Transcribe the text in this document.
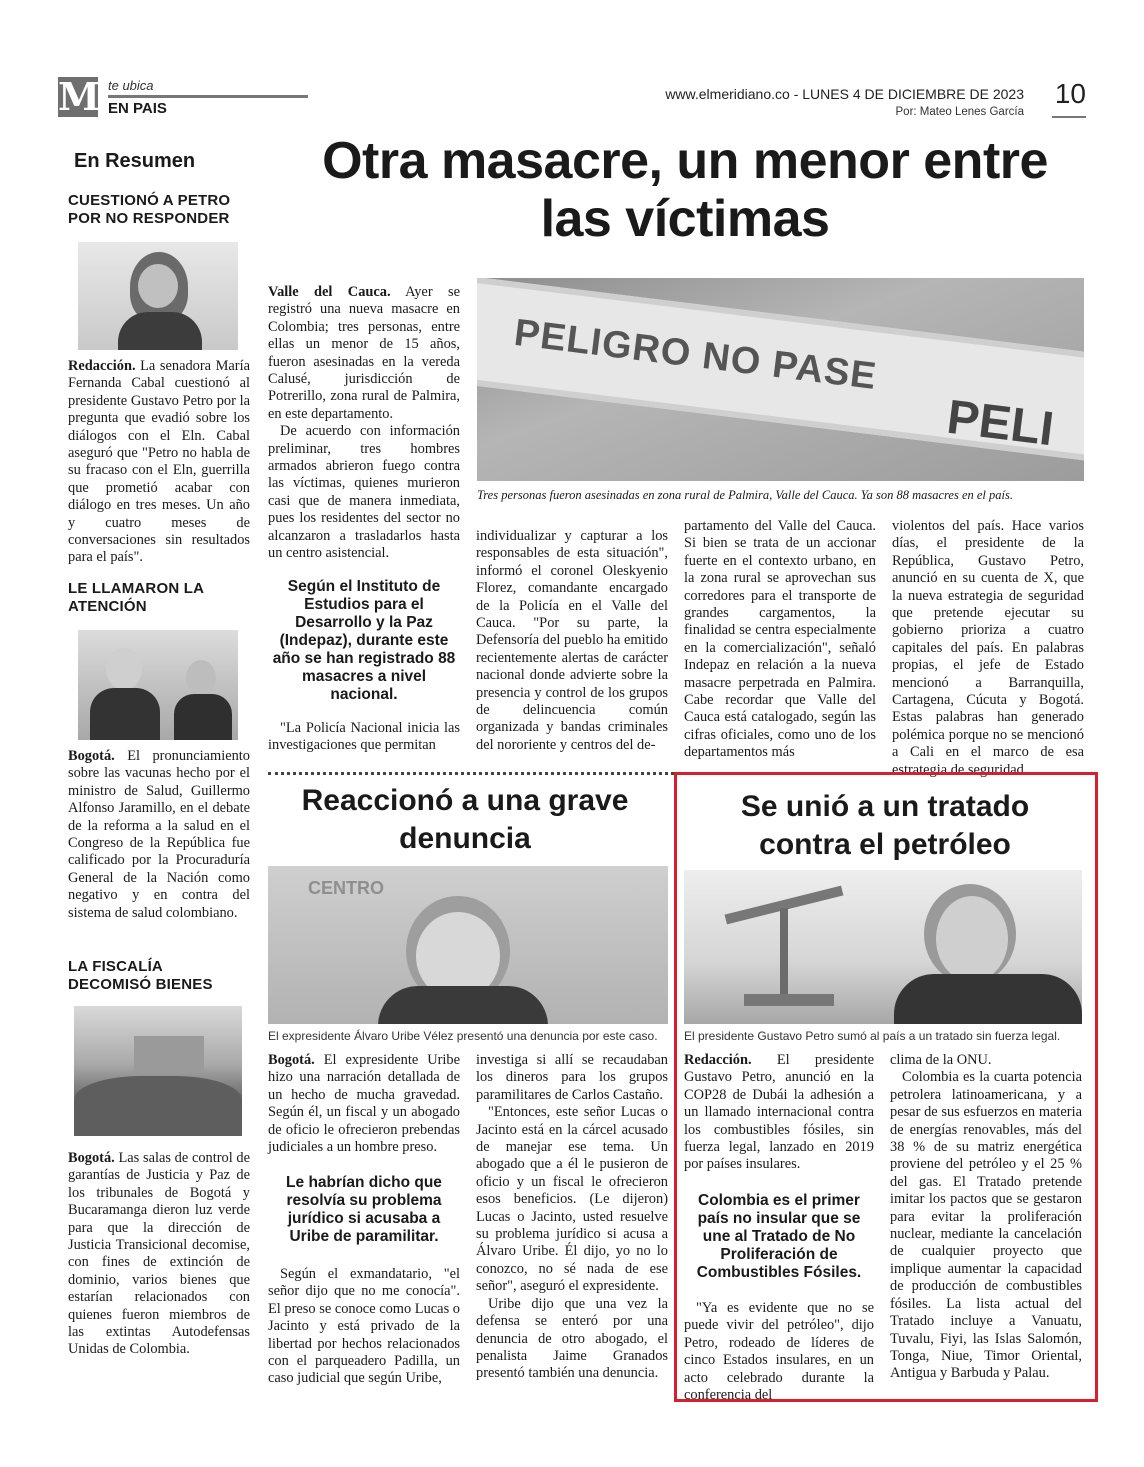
M te ubica
EN PAIS
www.elmeridiano.co - LUNES 4 DE DICIEMBRE DE 2023
Por: Mateo Lenes García
10
En Resumen
CUESTIONÓ A PETRO POR NO RESPONDER

Redacción. La senadora María Fernanda Cabal cuestionó al presidente Gustavo Petro por la pregunta que evadió sobre los diálogos con el Eln. Cabal aseguró que "Petro no habla de su fracaso con el Eln, guerrilla que prometió acabar con diálogo en tres meses. Un año y cuatro meses de conversaciones sin resultados para el país".

LE LLAMARON LA ATENCIÓN

Bogotá. El pronunciamiento sobre las vacunas hecho por el ministro de Salud, Guillermo Alfonso Jaramillo, en el debate de la reforma a la salud en el Congreso de la República fue calificado por la Procuraduría General de la Nación como negativo y en contra del sistema de salud colombiano.

LA FISCALÍA DECOMISÓ BIENES

Bogotá. Las salas de control de garantías de Justicia y Paz de los tribunales de Bogotá y Bucaramanga dieron luz verde para que la dirección de Justicia Transicional decomise, con fines de extinción de dominio, varios bienes que estarían relacionados con quienes fueron miembros de las extintas Autodefensas Unidas de Colombia.

Otra masacre, un menor entre las víctimas
PELIGRO NO PASE
PELI
Tres personas fueron asesinadas en zona rural de Palmira, Valle del Cauca. Ya son 88 masacres en el país.

Valle del Cauca. Ayer se registró una nueva masacre en Colombia; tres personas, entre ellas un menor de 15 años, fueron asesinadas en la vereda Calusé, jurisdicción de Potrerillo, zona rural de Palmira, en este departamento.

De acuerdo con información preliminar, tres hombres armados abrieron fuego contra las víctimas, quienes murieron casi que de manera inmediata, pues los residentes del sector no alcanzaron a trasladarlos hasta un centro asistencial.

Según el Instituto de Estudios para el Desarrollo y la Paz (Indepaz), durante este año se han registrado 88 masacres a nivel nacional.

"La Policía Nacional inicia las investigaciones que permitan

individualizar y capturar a los responsables de esta situación", informó el coronel Oleskyenio Florez, comandante encargado de la Policía en el Valle del Cauca. "Por su parte, la Defensoría del pueblo ha emitido recientemente alertas de carácter nacional donde advierte sobre la presencia y control de los grupos de delincuencia común organizada y bandas criminales del nororiente y centros del de-

partamento del Valle del Cauca. Si bien se trata de un accionar fuerte en el contexto urbano, en la zona rural se aprovechan sus corredores para el transporte de grandes cargamentos, la finalidad se centra especialmente en la comercialización", señaló Indepaz en relación a la nueva masacre perpetrada en Palmira. Cabe recordar que Valle del Cauca está catalogado, según las cifras oficiales, como uno de los departamentos más

violentos del país. Hace varios días, el presidente de la República, Gustavo Petro, anunció en su cuenta de X, que la nueva estrategia de seguridad que pretende ejecutar su gobierno prioriza a cuatro capitales del país. En palabras propias, el jefe de Estado mencionó a Barranquilla, Cartagena, Cúcuta y Bogotá. Estas palabras han generado polémica porque no se mencionó a Cali en el marco de esa estrategia de seguridad.

Reaccionó a una grave denuncia
CENTRO
El expresidente Álvaro Uribe Vélez presentó una denuncia por este caso.

Bogotá. El expresidente Uribe hizo una narración detallada de un hecho de mucha gravedad. Según él, un fiscal y un abogado de oficio le ofrecieron prebendas judiciales a un hombre preso.

Le habrían dicho que resolvía su problema jurídico si acusaba a Uribe de paramilitar.

Según el exmandatario, "el señor dijo que no me conocía". El preso se conoce como Lucas o Jacinto y está privado de la libertad por hechos relacionados con el parqueadero Padilla, un caso judicial que según Uribe,

investiga si allí se recaudaban los dineros para los grupos paramilitares de Carlos Castaño.

"Entonces, este señor Lucas o Jacinto está en la cárcel acusado de manejar ese tema. Un abogado que a él le pusieron de oficio y un fiscal le ofrecieron esos beneficios. (Le dijeron) Lucas o Jacinto, usted resuelve su problema jurídico si acusa a Álvaro Uribe. Él dijo, yo no lo conozco, no sé nada de ese señor", aseguró el expresidente.

Uribe dijo que una vez la defensa se enteró por una denuncia de otro abogado, el penalista Jaime Granados presentó también una denuncia.

Se unió a un tratado contra el petróleo
El presidente Gustavo Petro sumó al país a un tratado sin fuerza legal.

Redacción. El presidente Gustavo Petro, anunció en la COP28 de Dubái la adhesión a un llamado internacional contra los combustibles fósiles, sin fuerza legal, lanzado en 2019 por países insulares.

Colombia es el primer país no insular que se une al Tratado de No Proliferación de Combustibles Fósiles.

"Ya es evidente que no se puede vivir del petróleo", dijo Petro, rodeado de líderes de cinco Estados insulares, en un acto celebrado durante la conferencia del

clima de la ONU.

Colombia es la cuarta potencia petrolera latinoamericana, y a pesar de sus esfuerzos en materia de energías renovables, más del 38 % de su matriz energética proviene del petróleo y el 25 % del gas. El Tratado pretende imitar los pactos que se gestaron para evitar la proliferación nuclear, mediante la cancelación de cualquier proyecto que implique aumentar la capacidad de producción de combustibles fósiles. La lista actual del Tratado incluye a Vanuatu, Tuvalu, Fiyi, las Islas Salomón, Tonga, Niue, Timor Oriental, Antigua y Barbuda y Palau.
